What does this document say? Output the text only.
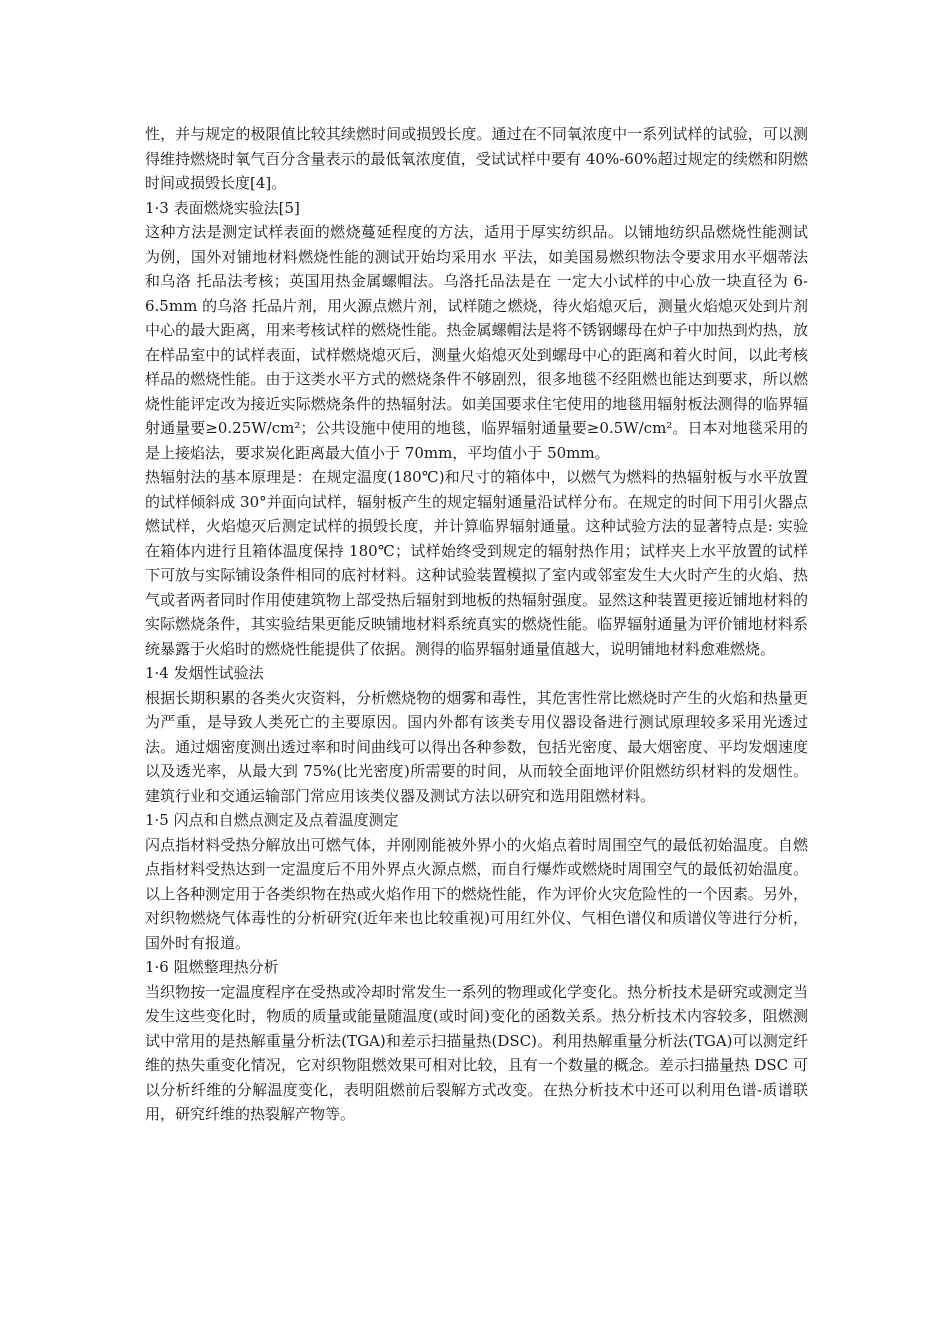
性，并与规定的极限值比较其续燃时间或损毁长度。通过在不同氧浓度中一系列试样的试验，可以测得维持燃烧时氧气百分含量表示的最低氧浓度值，受试试样中要有 40%-60%超过规定的续燃和阴燃时间或损毁长度[4]。

1·3 表面燃烧实验法[5]

这种方法是测定试样表面的燃烧蔓延程度的方法，适用于厚实纺织品。以铺地纺织品燃烧性能测试 为例，国外对铺地材料燃烧性能的测试开始均采用水 平法，如美国易燃织物法令要求用水平烟蒂法和乌洛 托品法考核；英国用热金属螺帽法。乌洛托品法是在 一定大小试样的中心放一块直径为 6-6.5mm 的乌洛 托品片剂，用火源点燃片剂，试样随之燃烧，待火焰熄灭后，测量火焰熄灭处到片剂中心的最大距离，用来考核试样的燃烧性能。热金属螺帽法是将不锈钢螺母在炉子中加热到灼热，放在样品室中的试样表面，试样燃烧熄灭后，测量火焰熄灭处到螺母中心的距离和着火时间，以此考核样品的燃烧性能。由于这类水平方式的燃烧条件不够剧烈，很多地毯不经阻燃也能达到要求，所以燃烧性能评定改为接近实际燃烧条件的热辐射法。如美国要求住宅使用的地毯用辐射板法测得的临界辐射通量要≥0.25W/cm²；公共设施中使用的地毯，临界辐射通量要≥0.5W/cm²。日本对地毯采用的是上接焰法，要求炭化距离最大值小于 70mm，平均值小于 50mm。

热辐射法的基本原理是：在规定温度(180℃)和尺寸的箱体中，以燃气为燃料的热辐射板与水平放置的试样倾斜成 30°并面向试样，辐射板产生的规定辐射通量沿试样分布。在规定的时间下用引火器点燃试样，火焰熄灭后测定试样的损毁长度，并计算临界辐射通量。这种试验方法的显著特点是: 实验在箱体内进行且箱体温度保持 180℃；试样始终受到规定的辐射热作用；试样夹上水平放置的试样下可放与实际铺设条件相同的底衬材料。这种试验装置模拟了室内或邻室发生大火时产生的火焰、热气或者两者同时作用使建筑物上部受热后辐射到地板的热辐射强度。显然这种装置更接近铺地材料的实际燃烧条件，其实验结果更能反映铺地材料系统真实的燃烧性能。临界辐射通量为评价铺地材料系统暴露于火焰时的燃烧性能提供了依据。测得的临界辐射通量值越大，说明铺地材料愈难燃烧。

1·4 发烟性试验法

根据长期积累的各类火灾资料，分析燃烧物的烟雾和毒性，其危害性常比燃烧时产生的火焰和热量更为严重，是导致人类死亡的主要原因。国内外都有该类专用仪器设备进行测试原理较多采用光透过法。通过烟密度测出透过率和时间曲线可以得出各种参数，包括光密度、最大烟密度、平均发烟速度以及透光率，从最大到 75%(比光密度)所需要的时间，从而较全面地评价阻燃纺织材料的发烟性。建筑行业和交通运输部门常应用该类仪器及测试方法以研究和选用阻燃材料。

1·5 闪点和自燃点测定及点着温度测定

闪点指材料受热分解放出可燃气体，并刚刚能被外界小的火焰点着时周围空气的最低初始温度。自燃点指材料受热达到一定温度后不用外界点火源点燃，而自行爆炸或燃烧时周围空气的最低初始温度。以上各种测定用于各类织物在热或火焰作用下的燃烧性能，作为评价火灾危险性的一个因素。另外，对织物燃烧气体毒性的分析研究(近年来也比较重视)可用红外仪、气相色谱仪和质谱仪等进行分析，国外时有报道。

1·6 阻燃整理热分析

当织物按一定温度程序在受热或冷却时常发生一系列的物理或化学变化。热分析技术是研究或测定当发生这些变化时，物质的质量或能量随温度(或时间)变化的函数关系。热分析技术内容较多，阻燃测试中常用的是热解重量分析法(TGA)和差示扫描量热(DSC)。利用热解重量分析法(TGA)可以测定纤维的热失重变化情况，它对织物阻燃效果可相对比较，且有一个数量的概念。差示扫描量热 DSC 可以分析纤维的分解温度变化，表明阻燃前后裂解方式改变。在热分析技术中还可以利用色谱-质谱联用，研究纤维的热裂解产物等。
